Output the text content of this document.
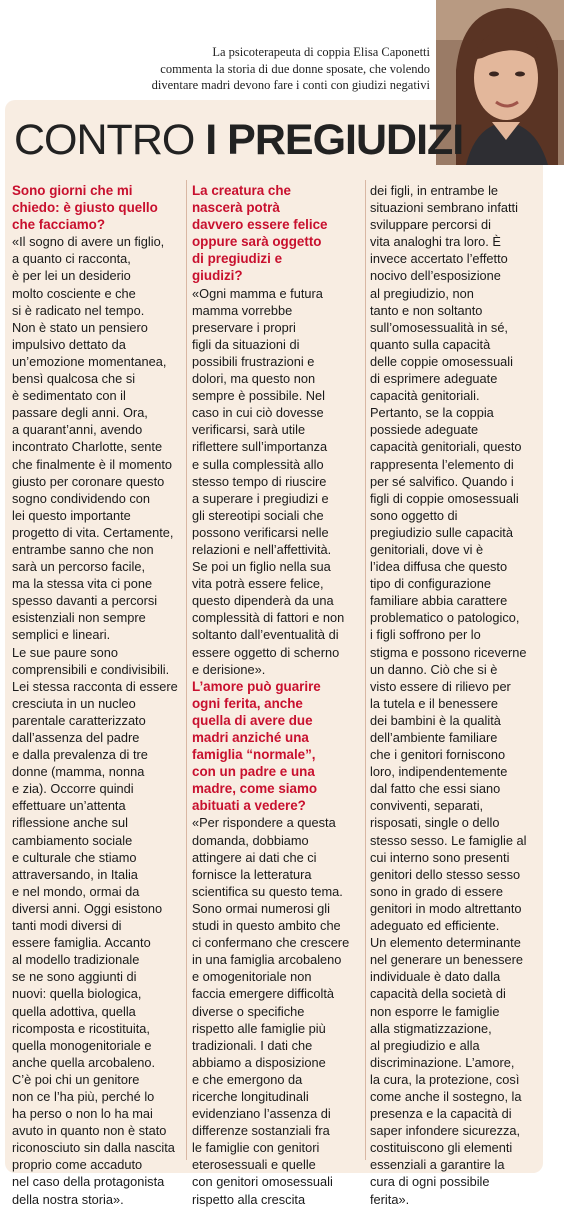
La psicoterapeuta di coppia Elisa Caponetti
commenta la storia di due donne sposate, che volendo
diventare madri devono fare i conti con giudizi negativi
CONTRO I PREGIUDIZI
Sono giorni che mi
chiedo: è giusto quello
che facciamo?
«Il sogno di avere un figlio,
a quanto ci racconta,
è per lei un desiderio
molto cosciente e che
si è radicato nel tempo.
Non è stato un pensiero
impulsivo dettato da
un’emozione momentanea,
bensì qualcosa che si
è sedimentato con il
passare degli anni. Ora,
a quarant’anni, avendo
incontrato Charlotte, sente
che finalmente è il momento
giusto per coronare questo
sogno condividendo con
lei questo importante
progetto di vita. Certamente,
entrambe sanno che non
sarà un percorso facile,
ma la stessa vita ci pone
spesso davanti a percorsi
esistenziali non sempre
semplici e lineari.
Le sue paure sono
comprensibili e condivisibili.
Lei stessa racconta di essere
cresciuta in un nucleo
parentale caratterizzato
dall’assenza del padre
e dalla prevalenza di tre
donne (mamma, nonna
e zia). Occorre quindi
effettuare un’attenta
riflessione anche sul
cambiamento sociale
e culturale che stiamo
attraversando, in Italia
e nel mondo, ormai da
diversi anni. Oggi esistono
tanti modi diversi di
essere famiglia. Accanto
al modello tradizionale
se ne sono aggiunti di
nuovi: quella biologica,
quella adottiva, quella
ricomposta e ricostituita,
quella monogenitoriale e
anche quella arcobaleno.
C’è poi chi un genitore
non ce l’ha più, perché lo
ha perso o non lo ha mai
avuto in quanto non è stato
riconosciuto sin dalla nascita
proprio come accaduto
nel caso della protagonista
della nostra storia».
La creatura che
nascerà potrà
davvero essere felice
oppure sarà oggetto
di pregiudizi e
giudizi?
«Ogni mamma e futura
mamma vorrebbe
preservare i propri
figli da situazioni di
possibili frustrazioni e
dolori, ma questo non
sempre è possibile. Nel
caso in cui ciò dovesse
verificarsi, sarà utile
riflettere sull’importanza
e sulla complessità allo
stesso tempo di riuscire
a superare i pregiudizi e
gli stereotipi sociali che
possono verificarsi nelle
relazioni e nell’affettività.
Se poi un figlio nella sua
vita potrà essere felice,
questo dipenderà da una
complessità di fattori e non
soltanto dall’eventualità di
essere oggetto di scherno
e derisione».
L’amore può guarire
ogni ferita, anche
quella di avere due
madri anziché una
famiglia “normale”,
con un padre e una
madre, come siamo
abituati a vedere?
«Per rispondere a questa
domanda, dobbiamo
attingere ai dati che ci
fornisce la letteratura
scientifica su questo tema.
Sono ormai numerosi gli
studi in questo ambito che
ci confermano che crescere
in una famiglia arcobaleno
e omogenitoriale non
faccia emergere difficoltà
diverse o specifiche
rispetto alle famiglie più
tradizionali. I dati che
abbiamo a disposizione
e che emergono da
ricerche longitudinali
evidenziano l’assenza di
differenze sostanziali fra
le famiglie con genitori
eterosessuali e quelle
con genitori omosessuali
rispetto alla crescita
dei figli, in entrambe le
situazioni sembrano infatti
sviluppare percorsi di
vita analoghi tra loro. È
invece accertato l’effetto
nocivo dell’esposizione
al pregiudizio, non
tanto e non soltanto
sull’omosessualità in sé,
quanto sulla capacità
delle coppie omosessuali
di esprimere adeguate
capacità genitoriali.
Pertanto, se la coppia
possiede adeguate
capacità genitoriali, questo
rappresenta l’elemento di
per sé salvifico. Quando i
figli di coppie omosessuali
sono oggetto di
pregiudizio sulle capacità
genitoriali, dove vi è
l’idea diffusa che questo
tipo di configurazione
familiare abbia carattere
problematico o patologico,
i figli soffrono per lo
stigma e possono riceverne
un danno. Ciò che si è
visto essere di rilievo per
la tutela e il benessere
dei bambini è la qualità
dell’ambiente familiare
che i genitori forniscono
loro, indipendentemente
dal fatto che essi siano
conviventi, separati,
risposati, single o dello
stesso sesso. Le famiglie al
cui interno sono presenti
genitori dello stesso sesso
sono in grado di essere
genitori in modo altrettanto
adeguato ed efficiente.
Un elemento determinante
nel generare un benessere
individuale è dato dalla
capacità della società di
non esporre le famiglie
alla stigmatizzazione,
al pregiudizio e alla
discriminazione. L’amore,
la cura, la protezione, così
come anche il sostegno, la
presenza e la capacità di
saper infondere sicurezza,
costituiscono gli elementi
essenziali a garantire la
cura di ogni possibile
ferita».
